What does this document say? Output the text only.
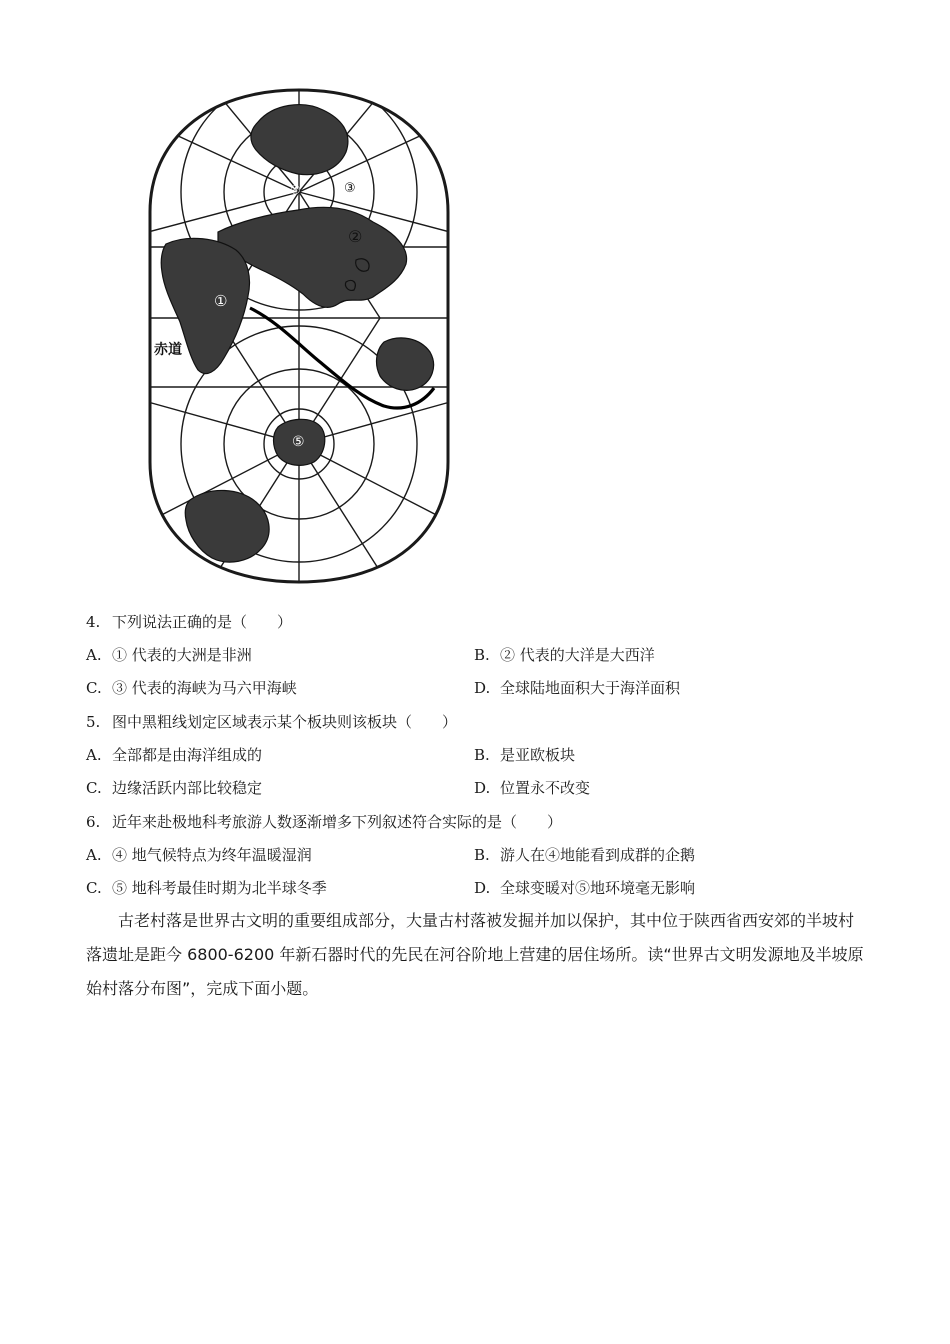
赤道
①
②
③
④
⑤
4. 下列说法正确的是（　　）
A. ① 代表的大洲是非洲	B. ② 代表的大洋是大西洋
C. ③ 代表的海峡为马六甲海峡	D. 全球陆地面积大于海洋面积
5. 图中黑粗线划定区域表示某个板块则该板块（　　）
A. 全部都是由海洋组成的	B. 是亚欧板块
C. 边缘活跃内部比较稳定	D. 位置永不改变
6. 近年来赴极地科考旅游人数逐渐增多下列叙述符合实际的是（　　）
A. ④ 地气候特点为终年温暖湿润	B. 游人在④地能看到成群的企鹅
C. ⑤ 地科考最佳时期为北半球冬季	D. 全球变暖对⑤地环境毫无影响

古老村落是世界古文明的重要组成部分，大量古村落被发掘并加以保护，其中位于陕西省西安郊的半坡村落遗址是距今 6800-6200 年新石器时代的先民在河谷阶地上营建的居住场所。读“世界古文明发源地及半坡原始村落分布图”，完成下面小题。
